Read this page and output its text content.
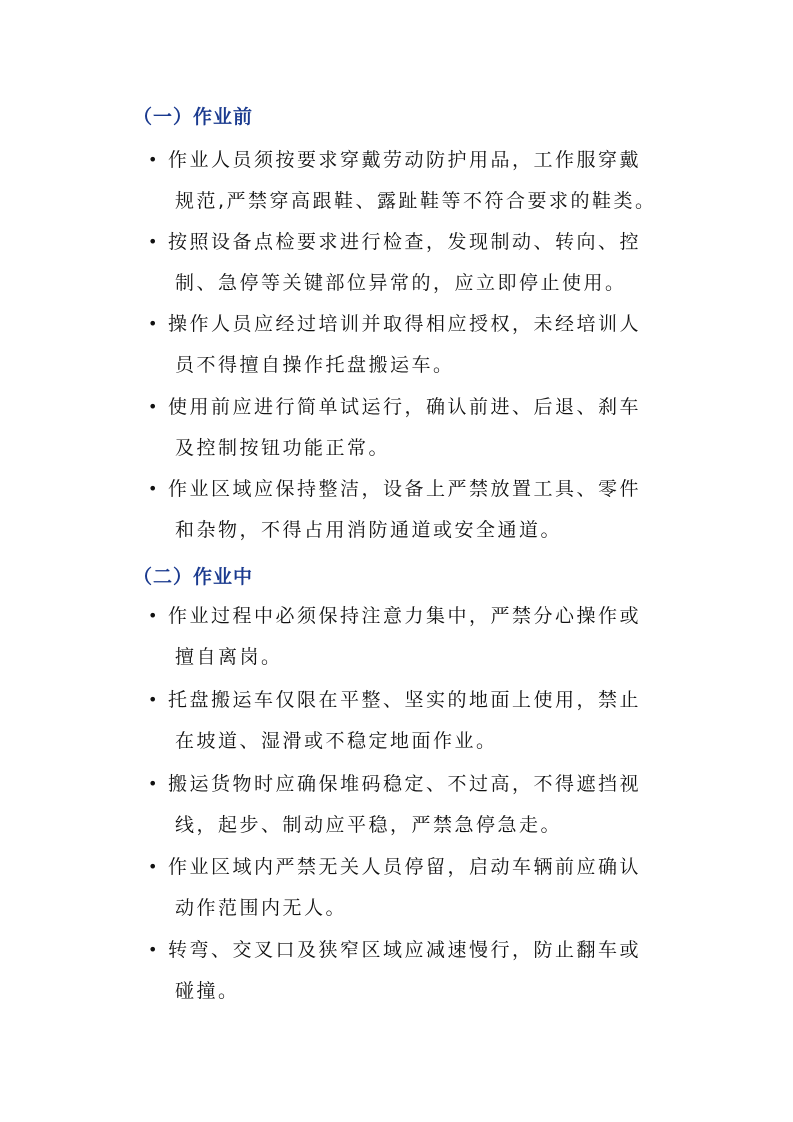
（一）作业前
• 作业人员须按要求穿戴劳动防护用品，工作服穿戴
规范,严禁穿高跟鞋、露趾鞋等不符合要求的鞋类。
• 按照设备点检要求进行检查，发现制动、转向、控
制、急停等关键部位异常的，应立即停止使用。
• 操作人员应经过培训并取得相应授权，未经培训人
员不得擅自操作托盘搬运车。
• 使用前应进行简单试运行，确认前进、后退、刹车
及控制按钮功能正常。
• 作业区域应保持整洁，设备上严禁放置工具、零件
和杂物，不得占用消防通道或安全通道。
（二）作业中
• 作业过程中必须保持注意力集中，严禁分心操作或
擅自离岗。
• 托盘搬运车仅限在平整、坚实的地面上使用，禁止
在坡道、湿滑或不稳定地面作业。
• 搬运货物时应确保堆码稳定、不过高，不得遮挡视
线，起步、制动应平稳，严禁急停急走。
• 作业区域内严禁无关人员停留，启动车辆前应确认
动作范围内无人。
• 转弯、交叉口及狭窄区域应减速慢行，防止翻车或
碰撞。
